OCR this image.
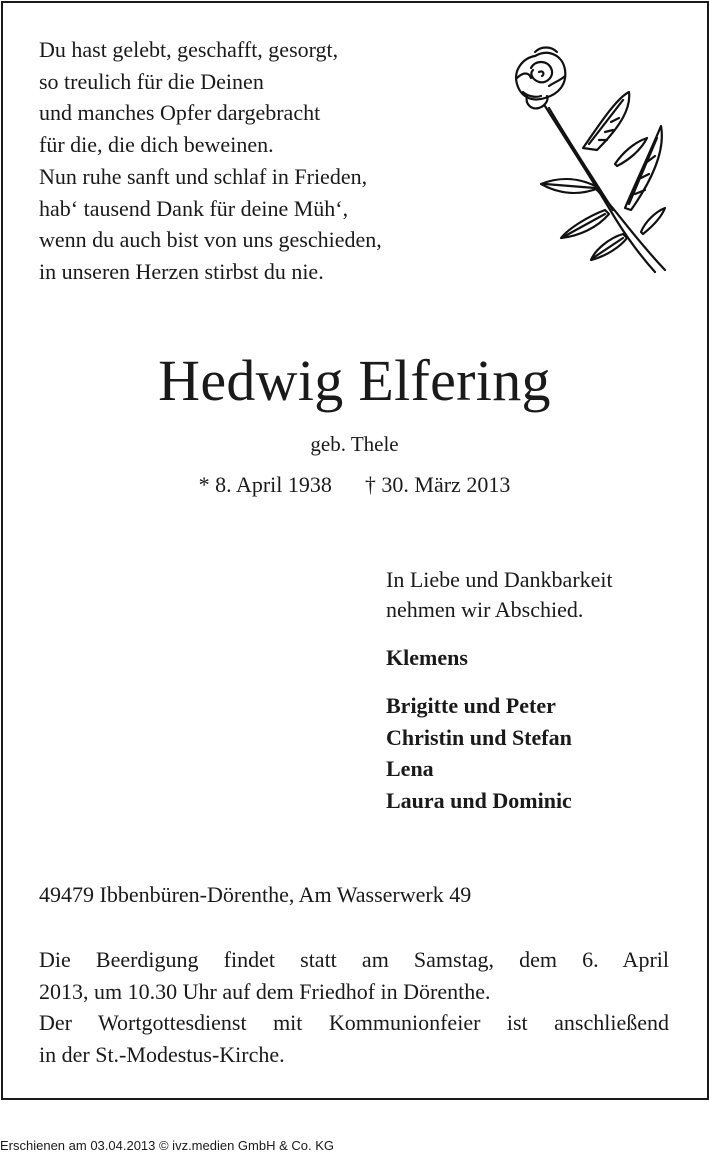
Du hast gelebt, geschafft, gesorgt,
so treulich für die Deinen
und manches Opfer dargebracht
für die, die dich beweinen.
Nun ruhe sanft und schlaf in Frieden,
hab‘ tausend Dank für deine Müh‘,
wenn du auch bist von uns geschieden,
in unseren Herzen stirbst du nie.
Hedwig Elfering
geb. Thele
* 8. April 1938 † 30. März 2013
In Liebe und Dankbarkeit
nehmen wir Abschied.
Klemens
Brigitte und Peter
Christin und Stefan
Lena
Laura und Dominic
49479 Ibbenbüren-Dörenthe, Am Wasserwerk 49
Die Beerdigung findet statt am Samstag, dem 6. April
2013, um 10.30 Uhr auf dem Friedhof in Dörenthe.
Der Wortgottesdienst mit Kommunionfeier ist anschließend
in der St.-Modestus-Kirche.
Erschienen am 03.04.2013 © ivz.medien GmbH & Co. KG
